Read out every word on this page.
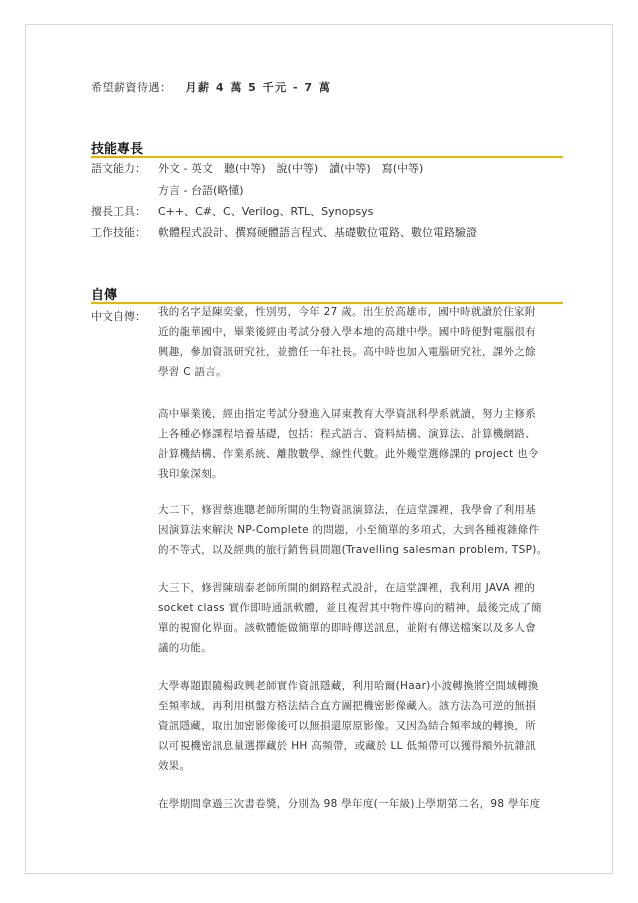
希望薪資待遇： 月薪 4 萬 5 千元 - 7 萬
技能專長
語文能力： 外文 - 英文　聽(中等)　說(中等)　讀(中等)　寫(中等)
方言 - 台語(略懂)
擅長工具： C++、C#、C、Verilog、RTL、Synopsys
工作技能： 軟體程式設計、撰寫硬體語言程式、基礎數位電路、數位電路驗證
自傳
中文自傳： 我的名字是陳奕豪，性別男，今年 27 歲。出生於高雄市，國中時就讀於住家附
近的龍華國中，畢業後經由考試分發入學本地的高雄中學。國中時便對電腦很有
興趣，參加資訊研究社，並擔任一年社長。高中時也加入電腦研究社，課外之餘
學習 C 語言。
高中畢業後，經由指定考試分發進入屏東教育大學資訊科學系就讀，努力主修系
上各種必修課程培養基礎，包括：程式語言、資料結構、演算法、計算機網路、
計算機結構、作業系統、離散數學、線性代數。此外幾堂選修課的 project 也令
我印象深刻。
大二下，修習蔡進聰老師所開的生物資訊演算法，在這堂課裡，我學會了利用基
因演算法來解決 NP-Complete 的問題，小至簡單的多項式，大到各種複雜條件
的不等式，以及經典的旅行銷售員問題(Travelling salesman problem, TSP)。
大三下，修習陳瑞泰老師所開的網路程式設計，在這堂課裡，我利用 JAVA 裡的
socket class 實作即時通訊軟體，並且複習其中物件導向的精神，最後完成了簡
單的視窗化界面。該軟體能做簡單的即時傳送訊息，並附有傳送檔案以及多人會
議的功能。
大學專題跟隨楊政興老師實作資訊隱藏，利用哈爾(Haar)小波轉換將空間域轉換
至頻率域，再利用棋盤方格法結合直方圖把機密影像藏入。該方法為可逆的無損
資訊隱藏，取出加密影像後可以無損還原原影像。又因為結合頻率域的轉換，所
以可視機密訊息量選擇藏於 HH 高頻帶，或藏於 LL 低頻帶可以獲得額外抗雜訊
效果。
在學期間拿過三次書卷獎，分別為 98 學年度(一年級)上學期第二名，98 學年度
